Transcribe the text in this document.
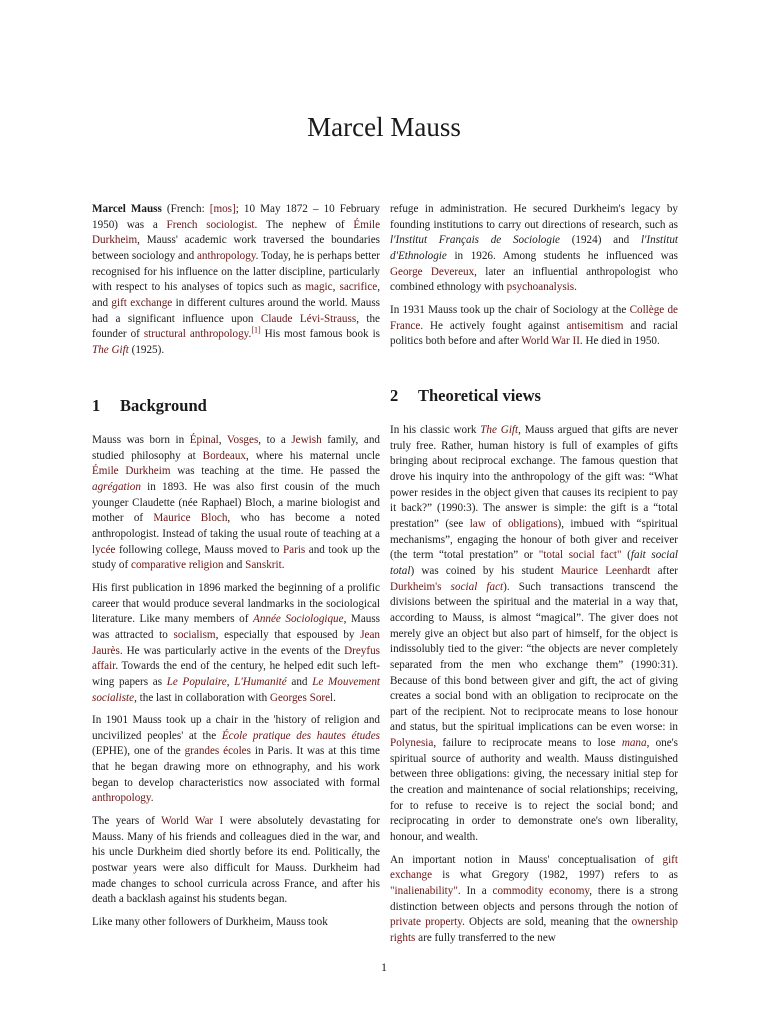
Marcel Mauss

Marcel Mauss (French: [mos]; 10 May 1872 – 10 February 1950) was a French sociologist. The nephew of Émile Durkheim, Mauss' academic work traversed the boundaries between sociology and anthropology. Today, he is perhaps better recognised for his influence on the latter discipline, particularly with respect to his analyses of topics such as magic, sacrifice, and gift exchange in different cultures around the world. Mauss had a significant influence upon Claude Lévi-Strauss, the founder of structural anthropology.[1] His most famous book is The Gift (1925).

1 Background

Mauss was born in Épinal, Vosges, to a Jewish family, and studied philosophy at Bordeaux, where his maternal uncle Émile Durkheim was teaching at the time. He passed the agrégation in 1893. He was also first cousin of the much younger Claudette (née Raphael) Bloch, a marine biologist and mother of Maurice Bloch, who has become a noted anthropologist. Instead of taking the usual route of teaching at a lycée following college, Mauss moved to Paris and took up the study of comparative religion and Sanskrit.

His first publication in 1896 marked the beginning of a prolific career that would produce several landmarks in the sociological literature. Like many members of Année Sociologique, Mauss was attracted to socialism, especially that espoused by Jean Jaurès. He was particularly active in the events of the Dreyfus affair. Towards the end of the century, he helped edit such left-wing papers as Le Populaire, L'Humanité and Le Mouvement socialiste, the last in collaboration with Georges Sorel.

In 1901 Mauss took up a chair in the 'history of religion and uncivilized peoples' at the École pratique des hautes études (EPHE), one of the grandes écoles in Paris. It was at this time that he began drawing more on ethnography, and his work began to develop characteristics now associated with formal anthropology.

The years of World War I were absolutely devastating for Mauss. Many of his friends and colleagues died in the war, and his uncle Durkheim died shortly before its end. Politically, the postwar years were also difficult for Mauss. Durkheim had made changes to school curricula across France, and after his death a backlash against his students began.

Like many other followers of Durkheim, Mauss took

refuge in administration. He secured Durkheim's legacy by founding institutions to carry out directions of research, such as l'Institut Français de Sociologie (1924) and l'Institut d'Ethnologie in 1926. Among students he influenced was George Devereux, later an influential anthropologist who combined ethnology with psychoanalysis.

In 1931 Mauss took up the chair of Sociology at the Collège de France. He actively fought against antisemitism and racial politics both before and after World War II. He died in 1950.

2 Theoretical views

In his classic work The Gift, Mauss argued that gifts are never truly free. Rather, human history is full of examples of gifts bringing about reciprocal exchange. The famous question that drove his inquiry into the anthropology of the gift was: “What power resides in the object given that causes its recipient to pay it back?” (1990:3). The answer is simple: the gift is a “total prestation” (see law of obligations), imbued with “spiritual mechanisms”, engaging the honour of both giver and receiver (the term “total prestation” or "total social fact" (fait social total) was coined by his student Maurice Leenhardt after Durkheim's social fact). Such transactions transcend the divisions between the spiritual and the material in a way that, according to Mauss, is almost “magical”. The giver does not merely give an object but also part of himself, for the object is indissolubly tied to the giver: “the objects are never completely separated from the men who exchange them” (1990:31). Because of this bond between giver and gift, the act of giving creates a social bond with an obligation to reciprocate on the part of the recipient. Not to reciprocate means to lose honour and status, but the spiritual implications can be even worse: in Polynesia, failure to reciprocate means to lose mana, one's spiritual source of authority and wealth. Mauss distinguished between three obligations: giving, the necessary initial step for the creation and maintenance of social relationships; receiving, for to refuse to receive is to reject the social bond; and reciprocating in order to demonstrate one's own liberality, honour, and wealth.

An important notion in Mauss' conceptualisation of gift exchange is what Gregory (1982, 1997) refers to as "inalienability". In a commodity economy, there is a strong distinction between objects and persons through the notion of private property. Objects are sold, meaning that the ownership rights are fully transferred to the new

1
